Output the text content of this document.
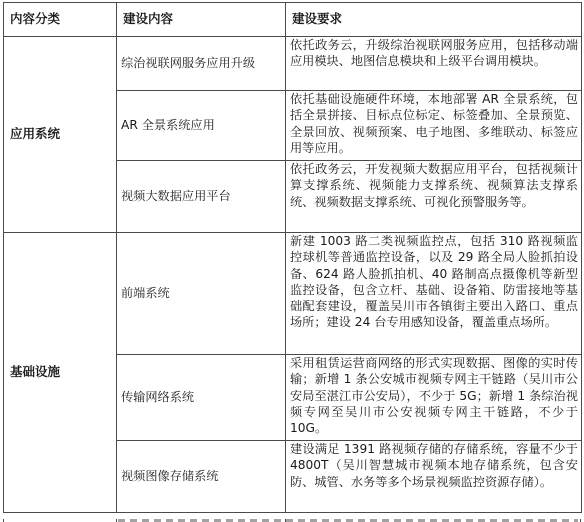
内容分类	建设内容	建设要求
应用系统	综治视联网服务应用升级	依托政务云，升级综治视联网服务应用，包括移动端应用模块、地图信息模块和上级平台调用模块。
	AR 全景系统应用	依托基础设施硬件环境，本地部署 AR 全景系统，包括全景拼接、目标点位标定、标签叠加、全景预览、全景回放、视频预案、电子地图、多维联动、标签应用等应用。
	视频大数据应用平台	依托政务云，开发视频大数据应用平台，包括视频计算支撑系统、视频能力支撑系统、视频算法支撑系统、视频数据支撑系统、可视化预警服务等。
基础设施	前端系统	新建 1003 路二类视频监控点，包括 310 路视频监控球机等普通监控设备，以及 29 路全局人脸抓拍设备、624 路人脸抓拍机、40 路制高点摄像机等新型监控设备，包含立杆、基础、设备箱、防雷接地等基础配套建设，覆盖吴川市各镇街主要出入路口、重点场所；建设 24 台专用感知设备，覆盖重点场所。
	传输网络系统	采用租赁运营商网络的形式实现数据、图像的实时传输；新增 1 条公安城市视频专网主干链路（吴川市公安局至湛江市公安局），不少于 5G；新增 1 条综治视频专网至吴川市公安视频专网主干链路，不少于 10G。
	视频图像存储系统	建设满足 1391 路视频存储的存储系统，容量不少于 4800T（吴川智慧城市视频本地存储系统，包含安防、城管、水务等多个场景视频监控资源存储）。
